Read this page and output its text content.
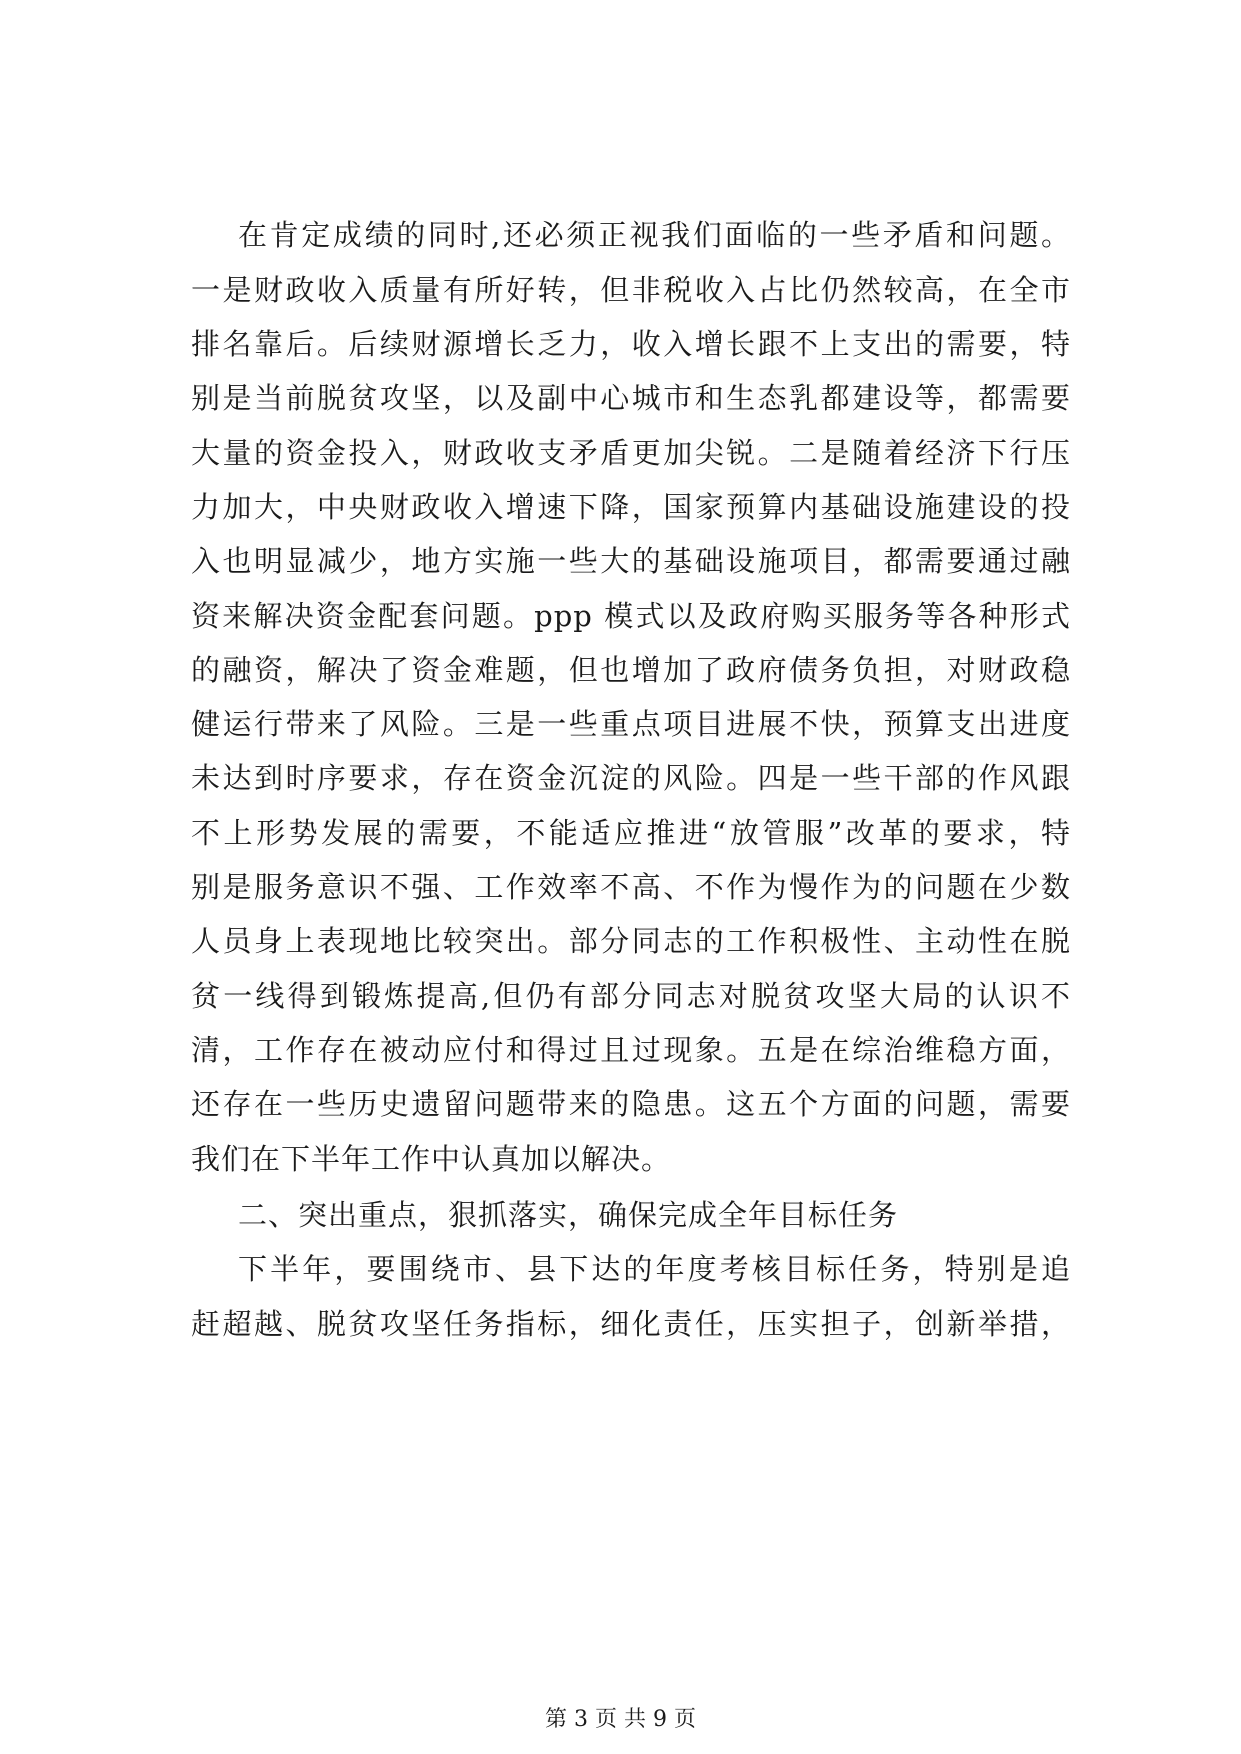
在肯定成绩的同时,还必须正视我们面临的一些矛盾和问题。
一是财政收入质量有所好转，但非税收入占比仍然较高，在全市
排名靠后。后续财源增长乏力，收入增长跟不上支出的需要，特
别是当前脱贫攻坚，以及副中心城市和生态乳都建设等，都需要
大量的资金投入，财政收支矛盾更加尖锐。二是随着经济下行压
力加大，中央财政收入增速下降，国家预算内基础设施建设的投
入也明显减少，地方实施一些大的基础设施项目，都需要通过融
资来解决资金配套问题。ppp 模式以及政府购买服务等各种形式
的融资，解决了资金难题，但也增加了政府债务负担，对财政稳
健运行带来了风险。三是一些重点项目进展不快，预算支出进度
未达到时序要求，存在资金沉淀的风险。四是一些干部的作风跟
不上形势发展的需要，不能适应推进“放管服”改革的要求，特
别是服务意识不强、工作效率不高、不作为慢作为的问题在少数
人员身上表现地比较突出。部分同志的工作积极性、主动性在脱
贫一线得到锻炼提高,但仍有部分同志对脱贫攻坚大局的认识不
清，工作存在被动应付和得过且过现象。五是在综治维稳方面，
还存在一些历史遗留问题带来的隐患。这五个方面的问题，需要
我们在下半年工作中认真加以解决。
二、突出重点，狠抓落实，确保完成全年目标任务
下半年，要围绕市、县下达的年度考核目标任务，特别是追
赶超越、脱贫攻坚任务指标，细化责任，压实担子，创新举措，
第 3 页 共 9 页
